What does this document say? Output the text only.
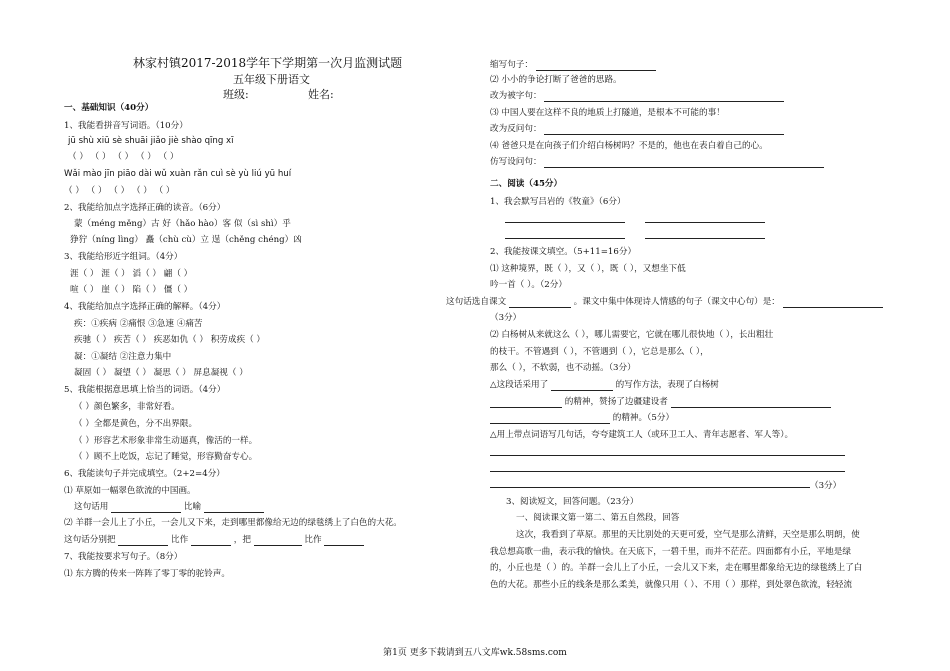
林家村镇2017-2018学年下学期第一次月监测试题
五年级下册语文
班级:	姓名:
一、基础知识（40分）
1、我能看拼音写词语。（10分）
jū shù xiū sè shuāi jiǎo jiè shào qīng xī
（ ） （ ） （ ） （ ） （ ）
Wǎi mào jīn piāo dài wǔ xuàn rǎn cuì sè yù liú yū huí
（ ） （ ） （ ） （ ） （ ）
2、我能给加点字选择正确的读音。（6分）
蒙（méng měng）古 好（hǎo hào）客 似（sì shì）乎
狰狞（níng lìng） 矗（chù cù）立 逞（chěng chéng）凶
3、我能给形近字组词。（4分）
涯（ ） 涯（ ） 滔（ ） 翩（ ）
喧（ ） 崖（ ） 陷（ ） 僵（ ）
4、我能给加点字选择正确的解释。（4分）
疾：①疾病 ②痛恨 ③急速 ④痛苦
疾驰（ ） 疾苦（ ） 疾恶如仇（ ） 积劳成疾（ ）
凝：①凝结 ②注意力集中
凝固（ ） 凝望（ ） 凝思（ ） 屏息凝视（ ）
5、我能根据意思填上恰当的词语。（4分）
（ ）颜色繁多，非常好看。
（ ）全都是黄色，分不出界限。
（ ）形容艺术形象非常生动逼真，像活的一样。
（ ）顾不上吃饭，忘记了睡觉，形容勤奋专心。
6、我能读句子并完成填空。（2+2=4分）
⑴ 草原如一幅翠色欲流的中国画。
这句话用	比喻
⑵ 羊群一会儿上了小丘，一会儿又下来，走到哪里都像给无边的绿毯绣上了白色的大花。
这句话分别把	比作	，把	比作
7、我能按要求写句子。（8分）
⑴ 东方腾的传来一阵阵了零丁零的驼铃声。
缩写句子：
⑵ 小小的争论打断了爸爸的思路。
改为被字句：
⑶ 中国人要在这样不良的地质上打隧道，是根本不可能的事！
改为反问句：
⑷ 爸爸只是在向孩子们介绍白杨树吗？不是的，他也在表白着自己的心。
仿写设问句：
二、阅读（45分）
1、我会默写吕岩的《牧童》（6分）
2、我能按课文填空。（5+11=16分）
⑴ 这种境界，既（ ），又（ ），既（ ），又想坐下低
吟一首（ ）。（2分）
这句话选自课文	。课文中集中体现诗人情感的句子（课文中心句）是：
（3分）
⑵ 白杨树从来就这么（ ），哪儿需要它，它就在哪儿很快地（ ），长出粗壮
的枝干。不管遇到（ ），不管遇到（ ），它总是那么（ ），
那么（ ），不软弱，也不动摇。（3分）
△这段话采用了	的写作方法，表现了白杨树
的精神，赞扬了边疆建设者
的精神。（5分）
△用上带点词语写几句话，夸夸建筑工人（或环卫工人、青年志愿者、军人等）。
（3分）
3、阅读短文，回答问题。（23分）
一、阅读课文第一第二、第五自然段，回答
这次，我看到了草原。那里的天比别处的天更可爱，空气是那么清鲜，天空是那么明朗，使
我总想高歌一曲，表示我的愉快。在天底下，一碧千里，而并不茫茫。四面都有小丘，平地是绿
的，小丘也是（ ）的。羊群一会儿上了小丘，一会儿又下来，走在哪里都象给无边的绿毯绣上了白
色的大花。那些小丘的线条是那么柔美，就像只用（ ）、不用（ ）那样，到处翠色欲流，轻轻流
第1页 更多下载请到五八文库wk.58sms.com
